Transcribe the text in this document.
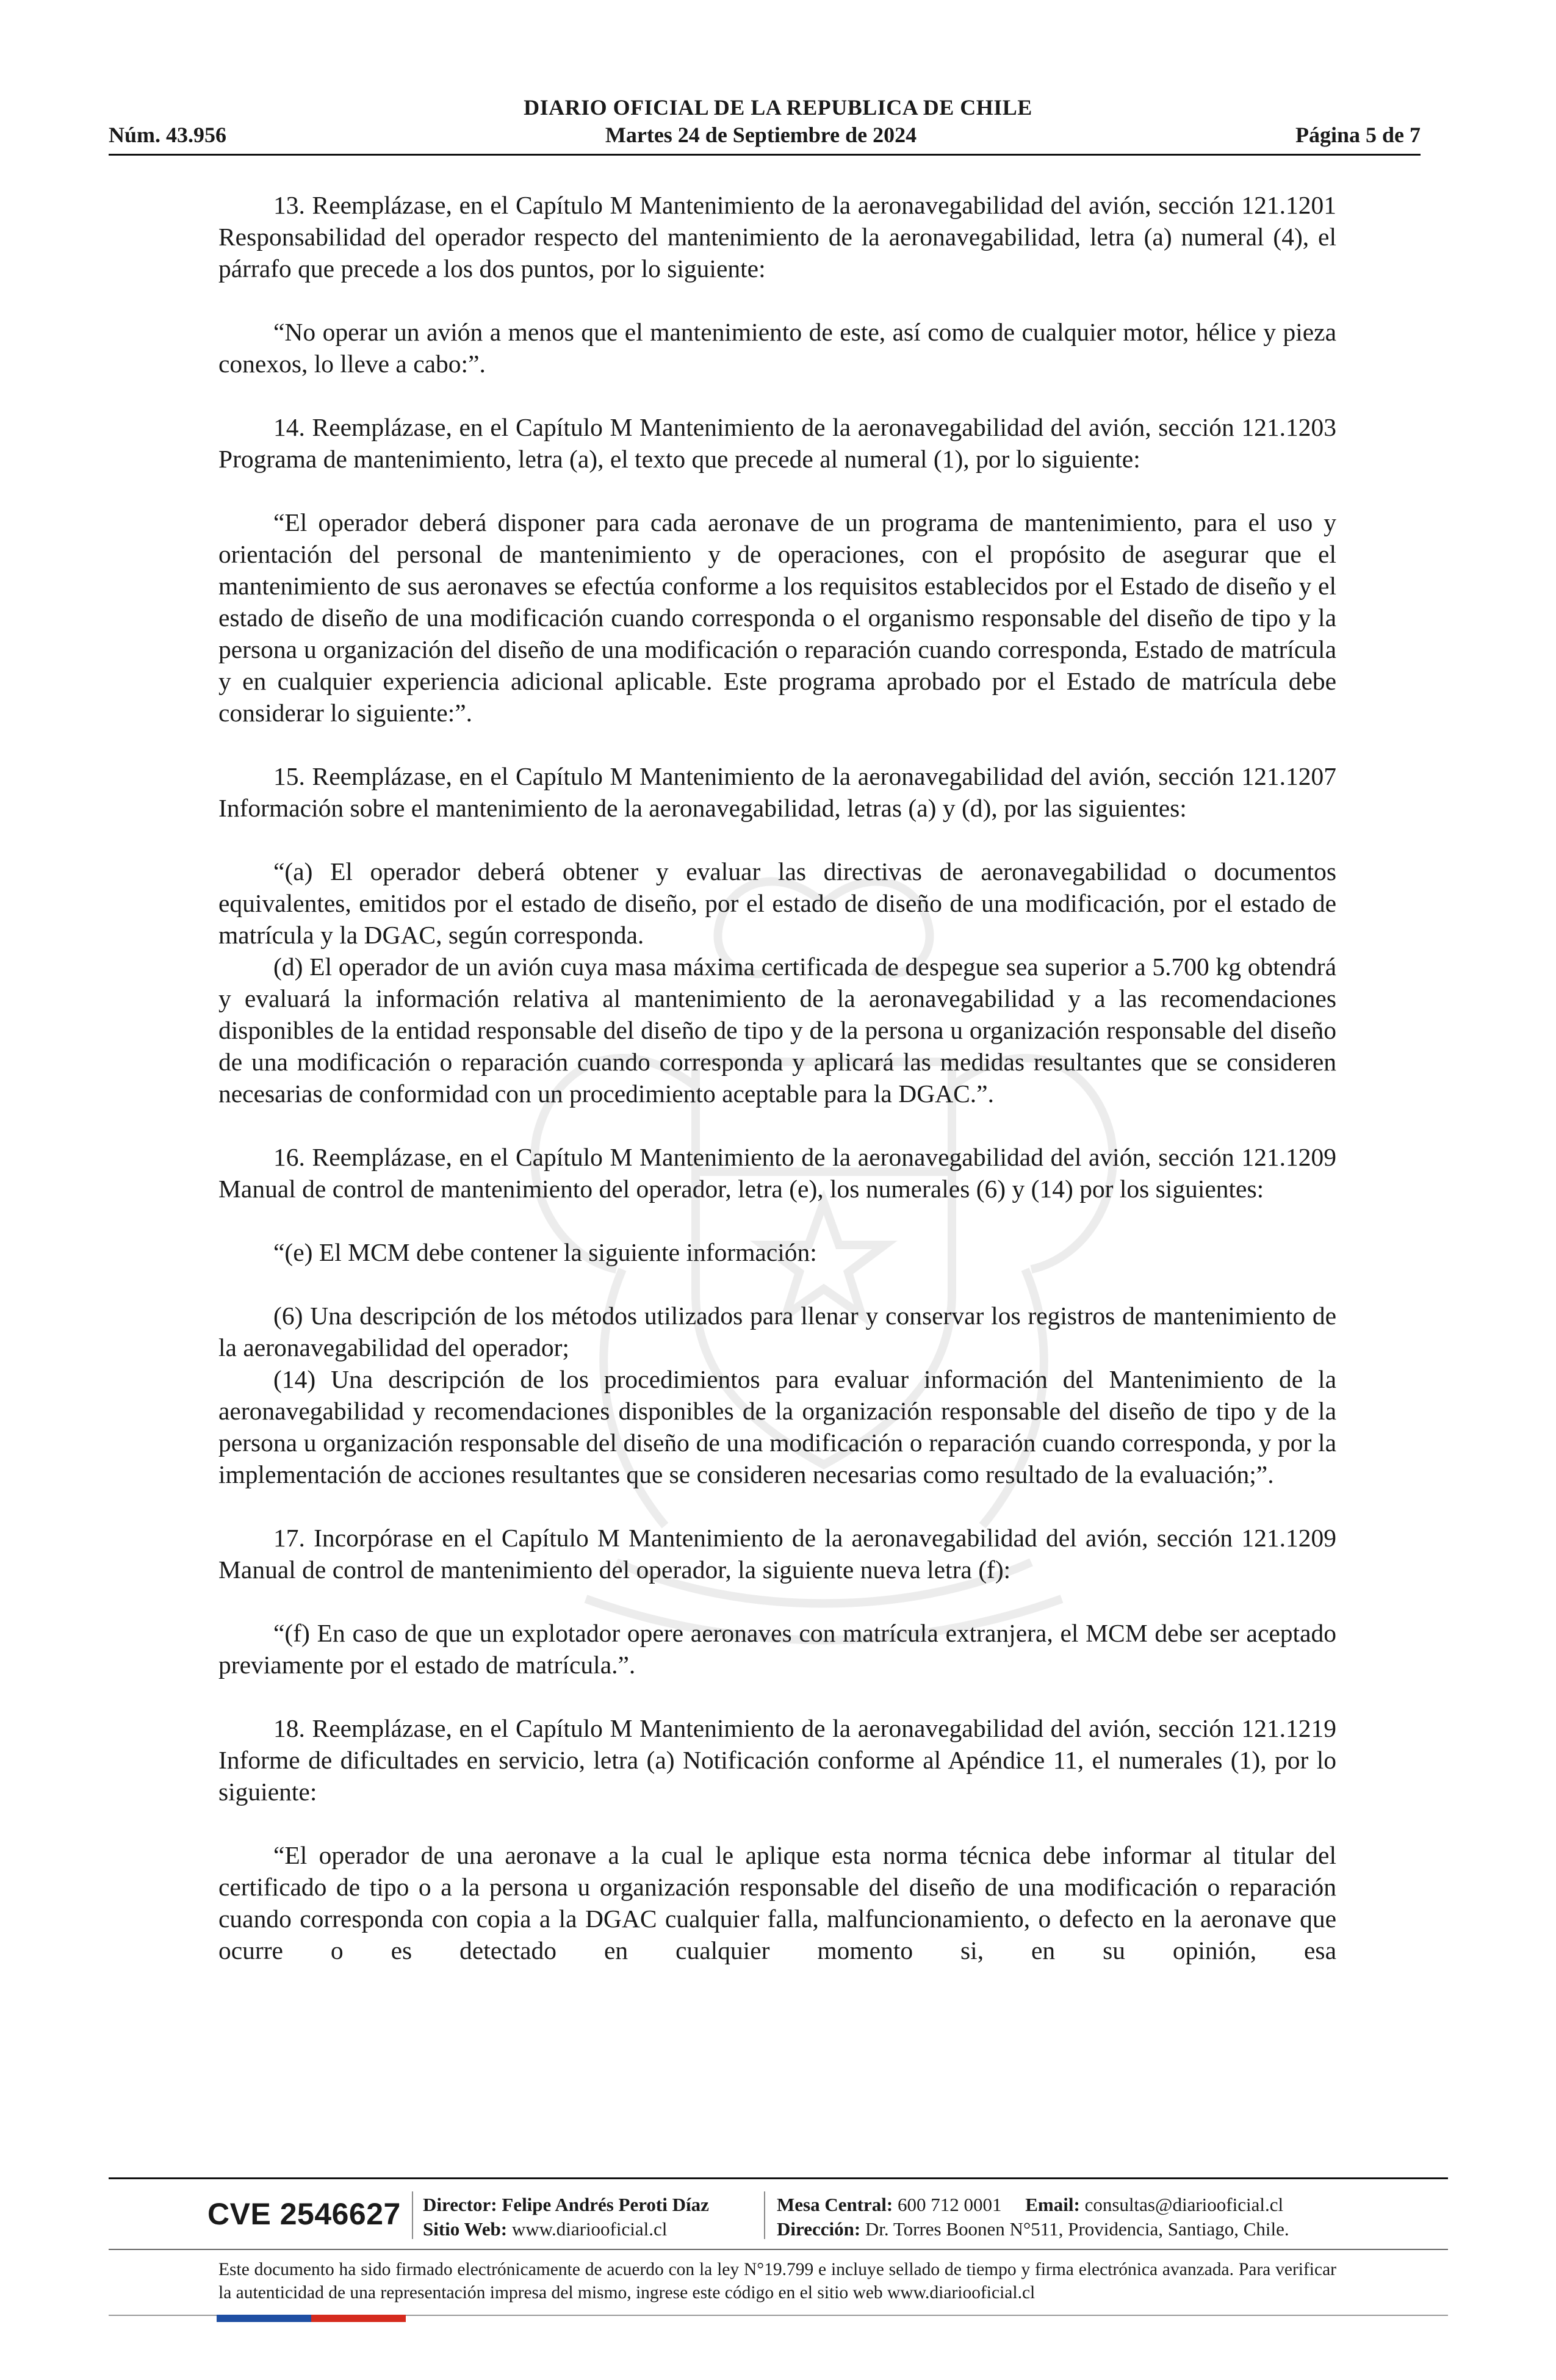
DIARIO OFICIAL DE LA REPUBLICA DE CHILE
Núm. 43.956	Martes 24 de Septiembre de 2024	Página 5 de 7

13. Reemplázase, en el Capítulo M Mantenimiento de la aeronavegabilidad del avión, sección 121.1201 Responsabilidad del operador respecto del mantenimiento de la aeronavegabilidad, letra (a) numeral (4), el párrafo que precede a los dos puntos, por lo siguiente:

“No operar un avión a menos que el mantenimiento de este, así como de cualquier motor, hélice y pieza conexos, lo lleve a cabo:”.

14. Reemplázase, en el Capítulo M Mantenimiento de la aeronavegabilidad del avión, sección 121.1203 Programa de mantenimiento, letra (a), el texto que precede al numeral (1), por lo siguiente:

“El operador deberá disponer para cada aeronave de un programa de mantenimiento, para el uso y orientación del personal de mantenimiento y de operaciones, con el propósito de asegurar que el mantenimiento de sus aeronaves se efectúa conforme a los requisitos establecidos por el Estado de diseño y el estado de diseño de una modificación cuando corresponda o el organismo responsable del diseño de tipo y la persona u organización del diseño de una modificación o reparación cuando corresponda, Estado de matrícula y en cualquier experiencia adicional aplicable. Este programa aprobado por el Estado de matrícula debe considerar lo siguiente:”.

15. Reemplázase, en el Capítulo M Mantenimiento de la aeronavegabilidad del avión, sección 121.1207 Información sobre el mantenimiento de la aeronavegabilidad, letras (a) y (d), por las siguientes:

“(a) El operador deberá obtener y evaluar las directivas de aeronavegabilidad o documentos equivalentes, emitidos por el estado de diseño, por el estado de diseño de una modificación, por el estado de matrícula y la DGAC, según corresponda.

(d) El operador de un avión cuya masa máxima certificada de despegue sea superior a 5.700 kg obtendrá y evaluará la información relativa al mantenimiento de la aeronavegabilidad y a las recomendaciones disponibles de la entidad responsable del diseño de tipo y de la persona u organización responsable del diseño de una modificación o reparación cuando corresponda y aplicará las medidas resultantes que se consideren necesarias de conformidad con un procedimiento aceptable para la DGAC.”.

16. Reemplázase, en el Capítulo M Mantenimiento de la aeronavegabilidad del avión, sección 121.1209 Manual de control de mantenimiento del operador, letra (e), los numerales (6) y (14) por los siguientes:

“(e) El MCM debe contener la siguiente información:

(6) Una descripción de los métodos utilizados para llenar y conservar los registros de mantenimiento de la aeronavegabilidad del operador;

(14) Una descripción de los procedimientos para evaluar información del Mantenimiento de la aeronavegabilidad y recomendaciones disponibles de la organización responsable del diseño de tipo y de la persona u organización responsable del diseño de una modificación o reparación cuando corresponda, y por la implementación de acciones resultantes que se consideren necesarias como resultado de la evaluación;”.

17. Incorpórase en el Capítulo M Mantenimiento de la aeronavegabilidad del avión, sección 121.1209 Manual de control de mantenimiento del operador, la siguiente nueva letra (f):

“(f) En caso de que un explotador opere aeronaves con matrícula extranjera, el MCM debe ser aceptado previamente por el estado de matrícula.”.

18. Reemplázase, en el Capítulo M Mantenimiento de la aeronavegabilidad del avión, sección 121.1219 Informe de dificultades en servicio, letra (a) Notificación conforme al Apéndice 11, el numerales (1), por lo siguiente:

“El operador de una aeronave a la cual le aplique esta norma técnica debe informar al titular del certificado de tipo o a la persona u organización responsable del diseño de una modificación o reparación cuando corresponda con copia a la DGAC cualquier falla, malfuncionamiento, o defecto en la aeronave que ocurre o es detectado en cualquier momento si, en su opinión, esa

CVE 2546627 Director: Felipe Andrés Peroti Díaz
Sitio Web: www.diariooficial.cl
Mesa Central: 600 712 0001 Email: consultas@diariooficial.cl
Dirección: Dr. Torres Boonen N°511, Providencia, Santiago, Chile.
Este documento ha sido firmado electrónicamente de acuerdo con la ley N°19.799 e incluye sellado de tiempo y firma electrónica avanzada. Para verificar la autenticidad de una representación impresa del mismo, ingrese este código en el sitio web www.diariooficial.cl
